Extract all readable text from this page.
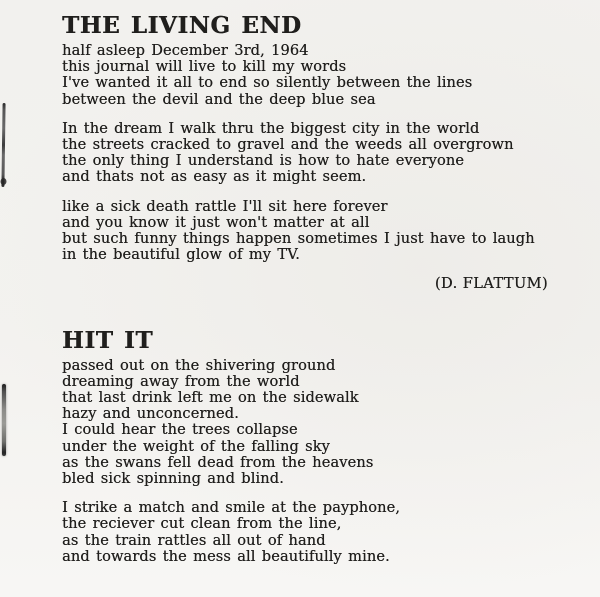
THE LIVING END
half asleep December 3rd, 1964
this journal will live to kill my words
I've wanted it all to end so silently between the lines
between the devil and the deep blue sea
In the dream I walk thru the biggest city in the world
the streets cracked to gravel and the weeds all overgrown
the only thing I understand is how to hate everyone
and thats not as easy as it might seem.
like a sick death rattle I'll sit here forever
and you know it just won't matter at all
but such funny things happen sometimes I just have to laugh
in the beautiful glow of my TV.
(D. FLATTUM)
HIT IT
passed out on the shivering ground
dreaming away from the world
that last drink left me on the sidewalk
hazy and unconcerned.
I could hear the trees collapse
under the weight of the falling sky
as the swans fell dead from the heavens
bled sick spinning and blind.
I strike a match and smile at the payphone,
the reciever cut clean from the line,
as the train rattles all out of hand
and towards the mess all beautifully mine.
